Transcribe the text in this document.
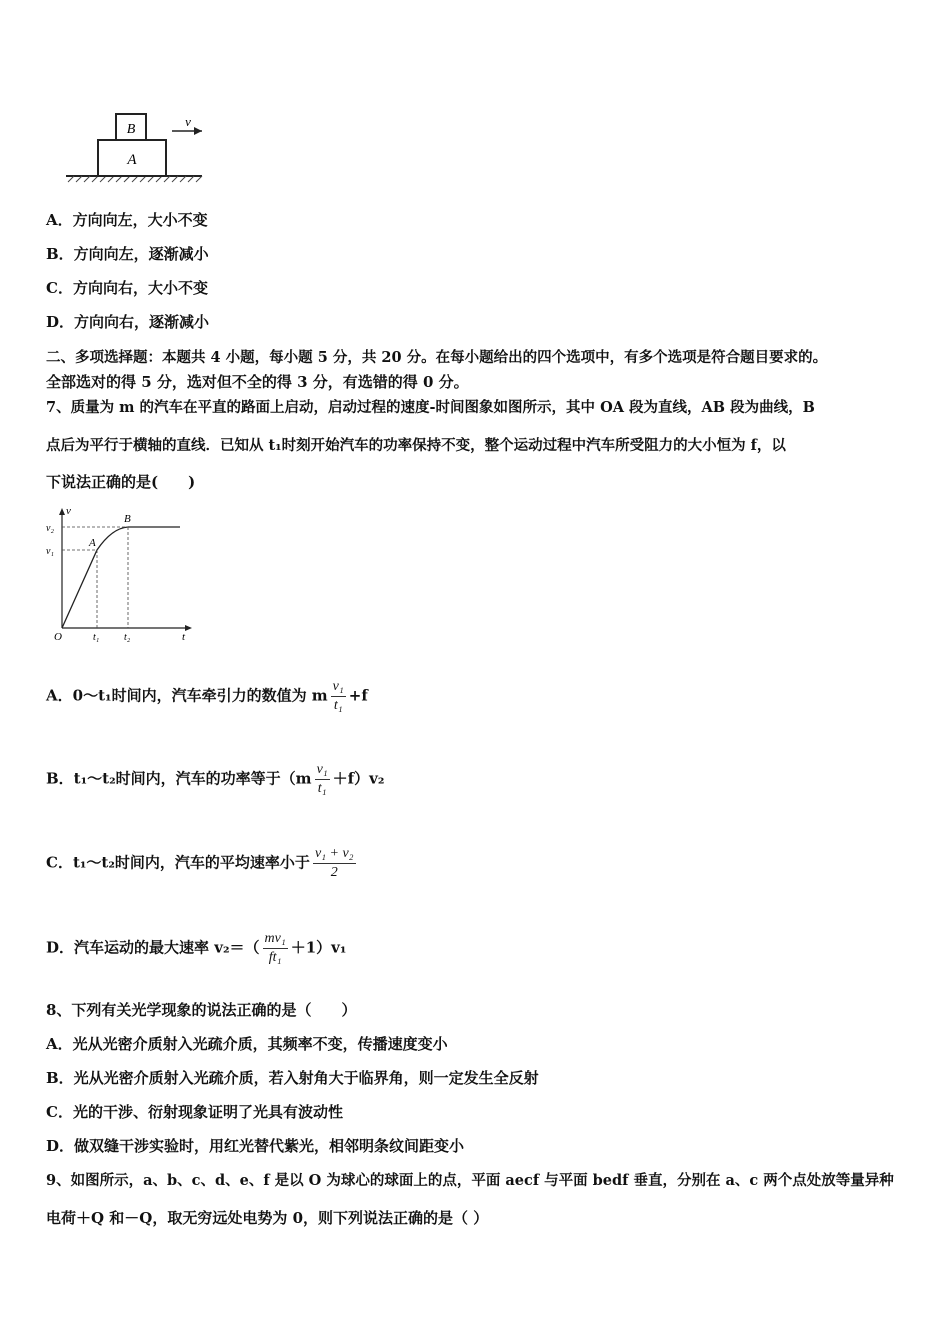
A
B
v
A．方向向左，大小不变
B．方向向左，逐渐减小
C．方向向右，大小不变
D．方向向右，逐渐减小
二、多项选择题：本题共 4 小题，每小题 5 分，共 20 分。在每小题给出的四个选项中，有多个选项是符合题目要求的。
全部选对的得 5 分，选对但不全的得 3 分，有选错的得 0 分。
7、质量为 m 的汽车在平直的路面上启动，启动过程的速度-时间图象如图所示，其中 OA 段为直线，AB 段为曲线，B
点后为平行于横轴的直线．已知从 t₁时刻开始汽车的功率保持不变，整个运动过程中汽车所受阻力的大小恒为 f，以
下说法正确的是(　　)
v
t
O
v₁
v₂
t₁ t₂
A
B
A．0～t₁时间内，汽车牵引力的数值为 m $\frac{\text{v₁}}{\text{t₁}} +f$
B．t₁～t₂时间内，汽车的功率等于$(m \frac{\text{v₁}}{\text{t₁}} +f)v_2$
C．t₁～t₂时间内，汽车的平均速率小于 $\frac{\text{v₁ + v₂}}{2}$
D．汽车运动的最大速率 $v_2=( \frac{\text{mv₁}}{\text{ft₁}} +1)v_1$
8、下列有关光学现象的说法正确的是（　　）
A．光从光密介质射入光疏介质，其频率不变，传播速度变小
B．光从光密介质射入光疏介质，若入射角大于临界角，则一定发生全反射
C．光的干涉、衍射现象证明了光具有波动性
D．做双缝干涉实验时，用红光替代紫光，相邻明条纹间距变小
9、如图所示，a、b、c、d、e、f 是以 O 为球心的球面上的点，平面 aecf 与平面 bedf 垂直，分别在 a、c 两个点处放等量异种
电荷＋Q 和－Q，取无穷远处电势为 0，则下列说法正确的是（ ）
